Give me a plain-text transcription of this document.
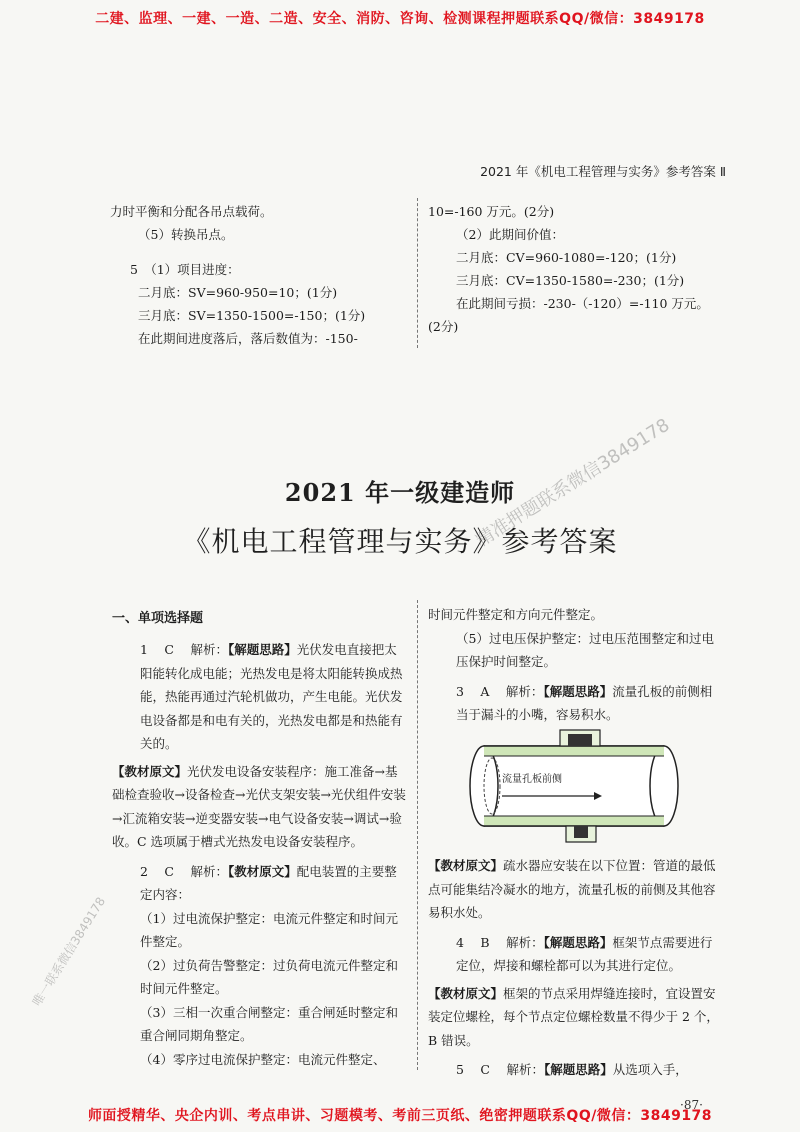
二建、监理、一建、一造、二造、安全、消防、咨询、检测课程押题联系QQ/微信：3849178
2021 年《机电工程管理与实务》参考答案 Ⅱ

力时平衡和分配各吊点载荷。

（5）转换吊点。

5　（1）项目进度：

二月底：SV=960-950=10；(1分)

三月底：SV=1350-1500=-150；(1分)

在此期间进度落后，落后数值为：-150-

10=-160 万元。(2分)

（2）此期间价值：

二月底：CV=960-1080=-120；(1分)

三月底：CV=1350-1580=-230；(1分)

在此期间亏损：-230-（-120）=-110 万元。

(2分)

2021 年一级建造师
《机电工程管理与实务》参考答案
精准押题联系微信3849178
一、单项选择题

1　 C　 解析：【解题思路】光伏发电直接把太阳能转化成电能；光热发电是将太阳能转换成热能，热能再通过汽轮机做功，产生电能。光伏发电设备都是和电有关的，光热发电都是和热能有关的。

【教材原文】光伏发电设备安装程序：施工准备→基础检查验收→设备检查→光伏支架安装→光伏组件安装→汇流箱安装→逆变器安装→电气设备安装→调试→验收。C 选项属于槽式光热发电设备安装程序。

2　 C　 解析：【教材原文】配电装置的主要整定内容：

（1）过电流保护整定：电流元件整定和时间元件整定。

（2）过负荷告警整定：过负荷电流元件整定和时间元件整定。

（3）三相一次重合闸整定：重合闸延时整定和重合闸同期角整定。

（4）零序过电流保护整定：电流元件整定、

时间元件整定和方向元件整定。

（5）过电压保护整定：过电压范围整定和过电压保护时间整定。

3　 A　 解析：【解题思路】流量孔板的前侧相当于漏斗的小嘴，容易积水。

流量孔板前侧

【教材原文】疏水器应安装在以下位置：管道的最低点可能集结冷凝水的地方，流量孔板的前侧及其他容易积水处。

4　 B　 解析：【解题思路】框架节点需要进行定位，焊接和螺栓都可以为其进行定位。

【教材原文】框架的节点采用焊缝连接时，宜设置安装定位螺栓，每个节点定位螺栓数量不得少于 2 个，B 错误。

5　 C　 解析：【解题思路】从选项入手，

唯一联系微信3849178
·87·
师面授精华、央企内训、考点串讲、习题模考、考前三页纸、绝密押题联系QQ/微信：3849178
